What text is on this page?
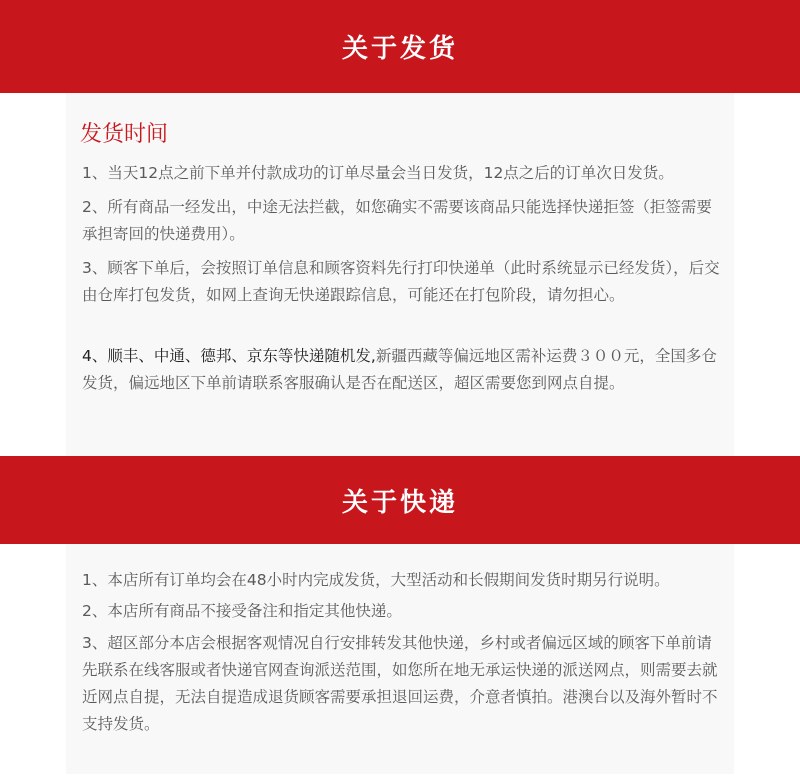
关于发货
发货时间

1、当天12点之前下单并付款成功的订单尽量会当日发货，12点之后的订单次日发货。

2、所有商品一经发出，中途无法拦截，如您确实不需要该商品只能选择快递拒签（拒签需要承担寄回的快递费用）。

3、顾客下单后，会按照订单信息和顾客资料先行打印快递单（此时系统显示已经发货），后交由仓库打包发货，如网上查询无快递跟踪信息，可能还在打包阶段，请勿担心。

4、顺丰、中通、德邦、京东等快递随机发,新疆西藏等偏远地区需补运费３００元，全国多仓发货，偏远地区下单前请联系客服确认是否在配送区，超区需要您到网点自提。

关于快递

1、本店所有订单均会在48小时内完成发货，大型活动和长假期间发货时期另行说明。

2、本店所有商品不接受备注和指定其他快递。

3、超区部分本店会根据客观情况自行安排转发其他快递，乡村或者偏远区域的顾客下单前请先联系在线客服或者快递官网查询派送范围，如您所在地无承运快递的派送网点，则需要去就近网点自提，无法自提造成退货顾客需要承担退回运费，介意者慎拍。港澳台以及海外暂时不支持发货。
